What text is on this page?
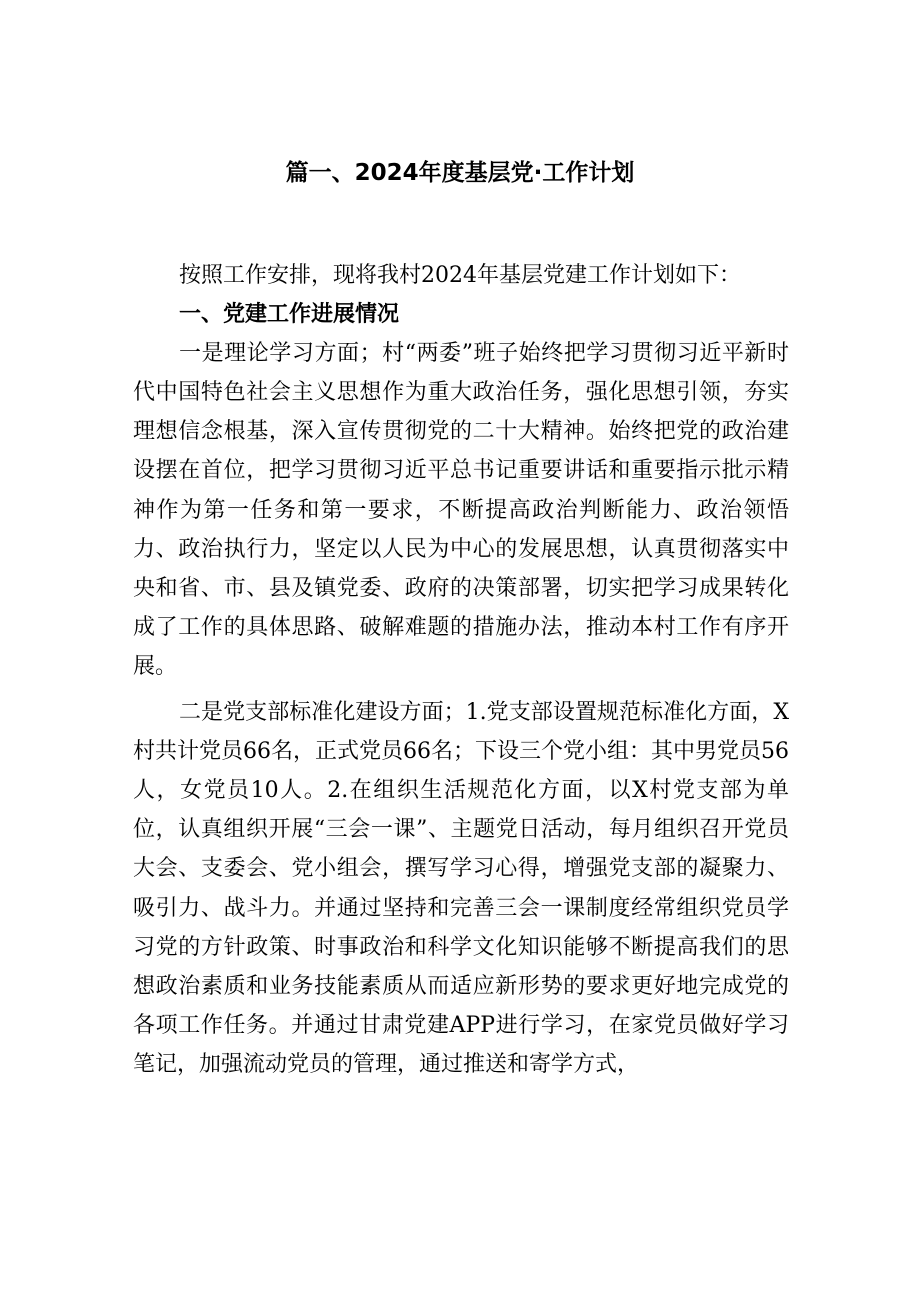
篇一、2024年度基层党·工作计划

按照工作安排，现将我村2024年基层党建工作计划如下：

一、党建工作进展情况

一是理论学习方面；村“两委”班子始终把学习贯彻习近平新时代中国特色社会主义思想作为重大政治任务，强化思想引领，夯实理想信念根基，深入宣传贯彻党的二十大精神。始终把党的政治建设摆在首位，把学习贯彻习近平总书记重要讲话和重要指示批示精神作为第一任务和第一要求，不断提高政治判断能力、政治领悟力、政治执行力，坚定以人民为中心的发展思想，认真贯彻落实中央和省、市、县及镇党委、政府的决策部署，切实把学习成果转化成了工作的具体思路、破解难题的措施办法，推动本村工作有序开展。

二是党支部标准化建设方面；1.党支部设置规范标准化方面，X村共计党员66名，正式党员66名；下设三个党小组：其中男党员56人，女党员10人。2.在组织生活规范化方面，以X村党支部为单位，认真组织开展“三会一课”、主题党日活动，每月组织召开党员大会、支委会、党小组会，撰写学习心得，增强党支部的凝聚力、吸引力、战斗力。并通过坚持和完善三会一课制度经常组织党员学习党的方针政策、时事政治和科学文化知识能够不断提高我们的思想政治素质和业务技能素质从而适应新形势的要求更好地完成党的各项工作任务。并通过甘肃党建APP进行学习，在家党员做好学习笔记，加强流动党员的管理，通过推送和寄学方式，
